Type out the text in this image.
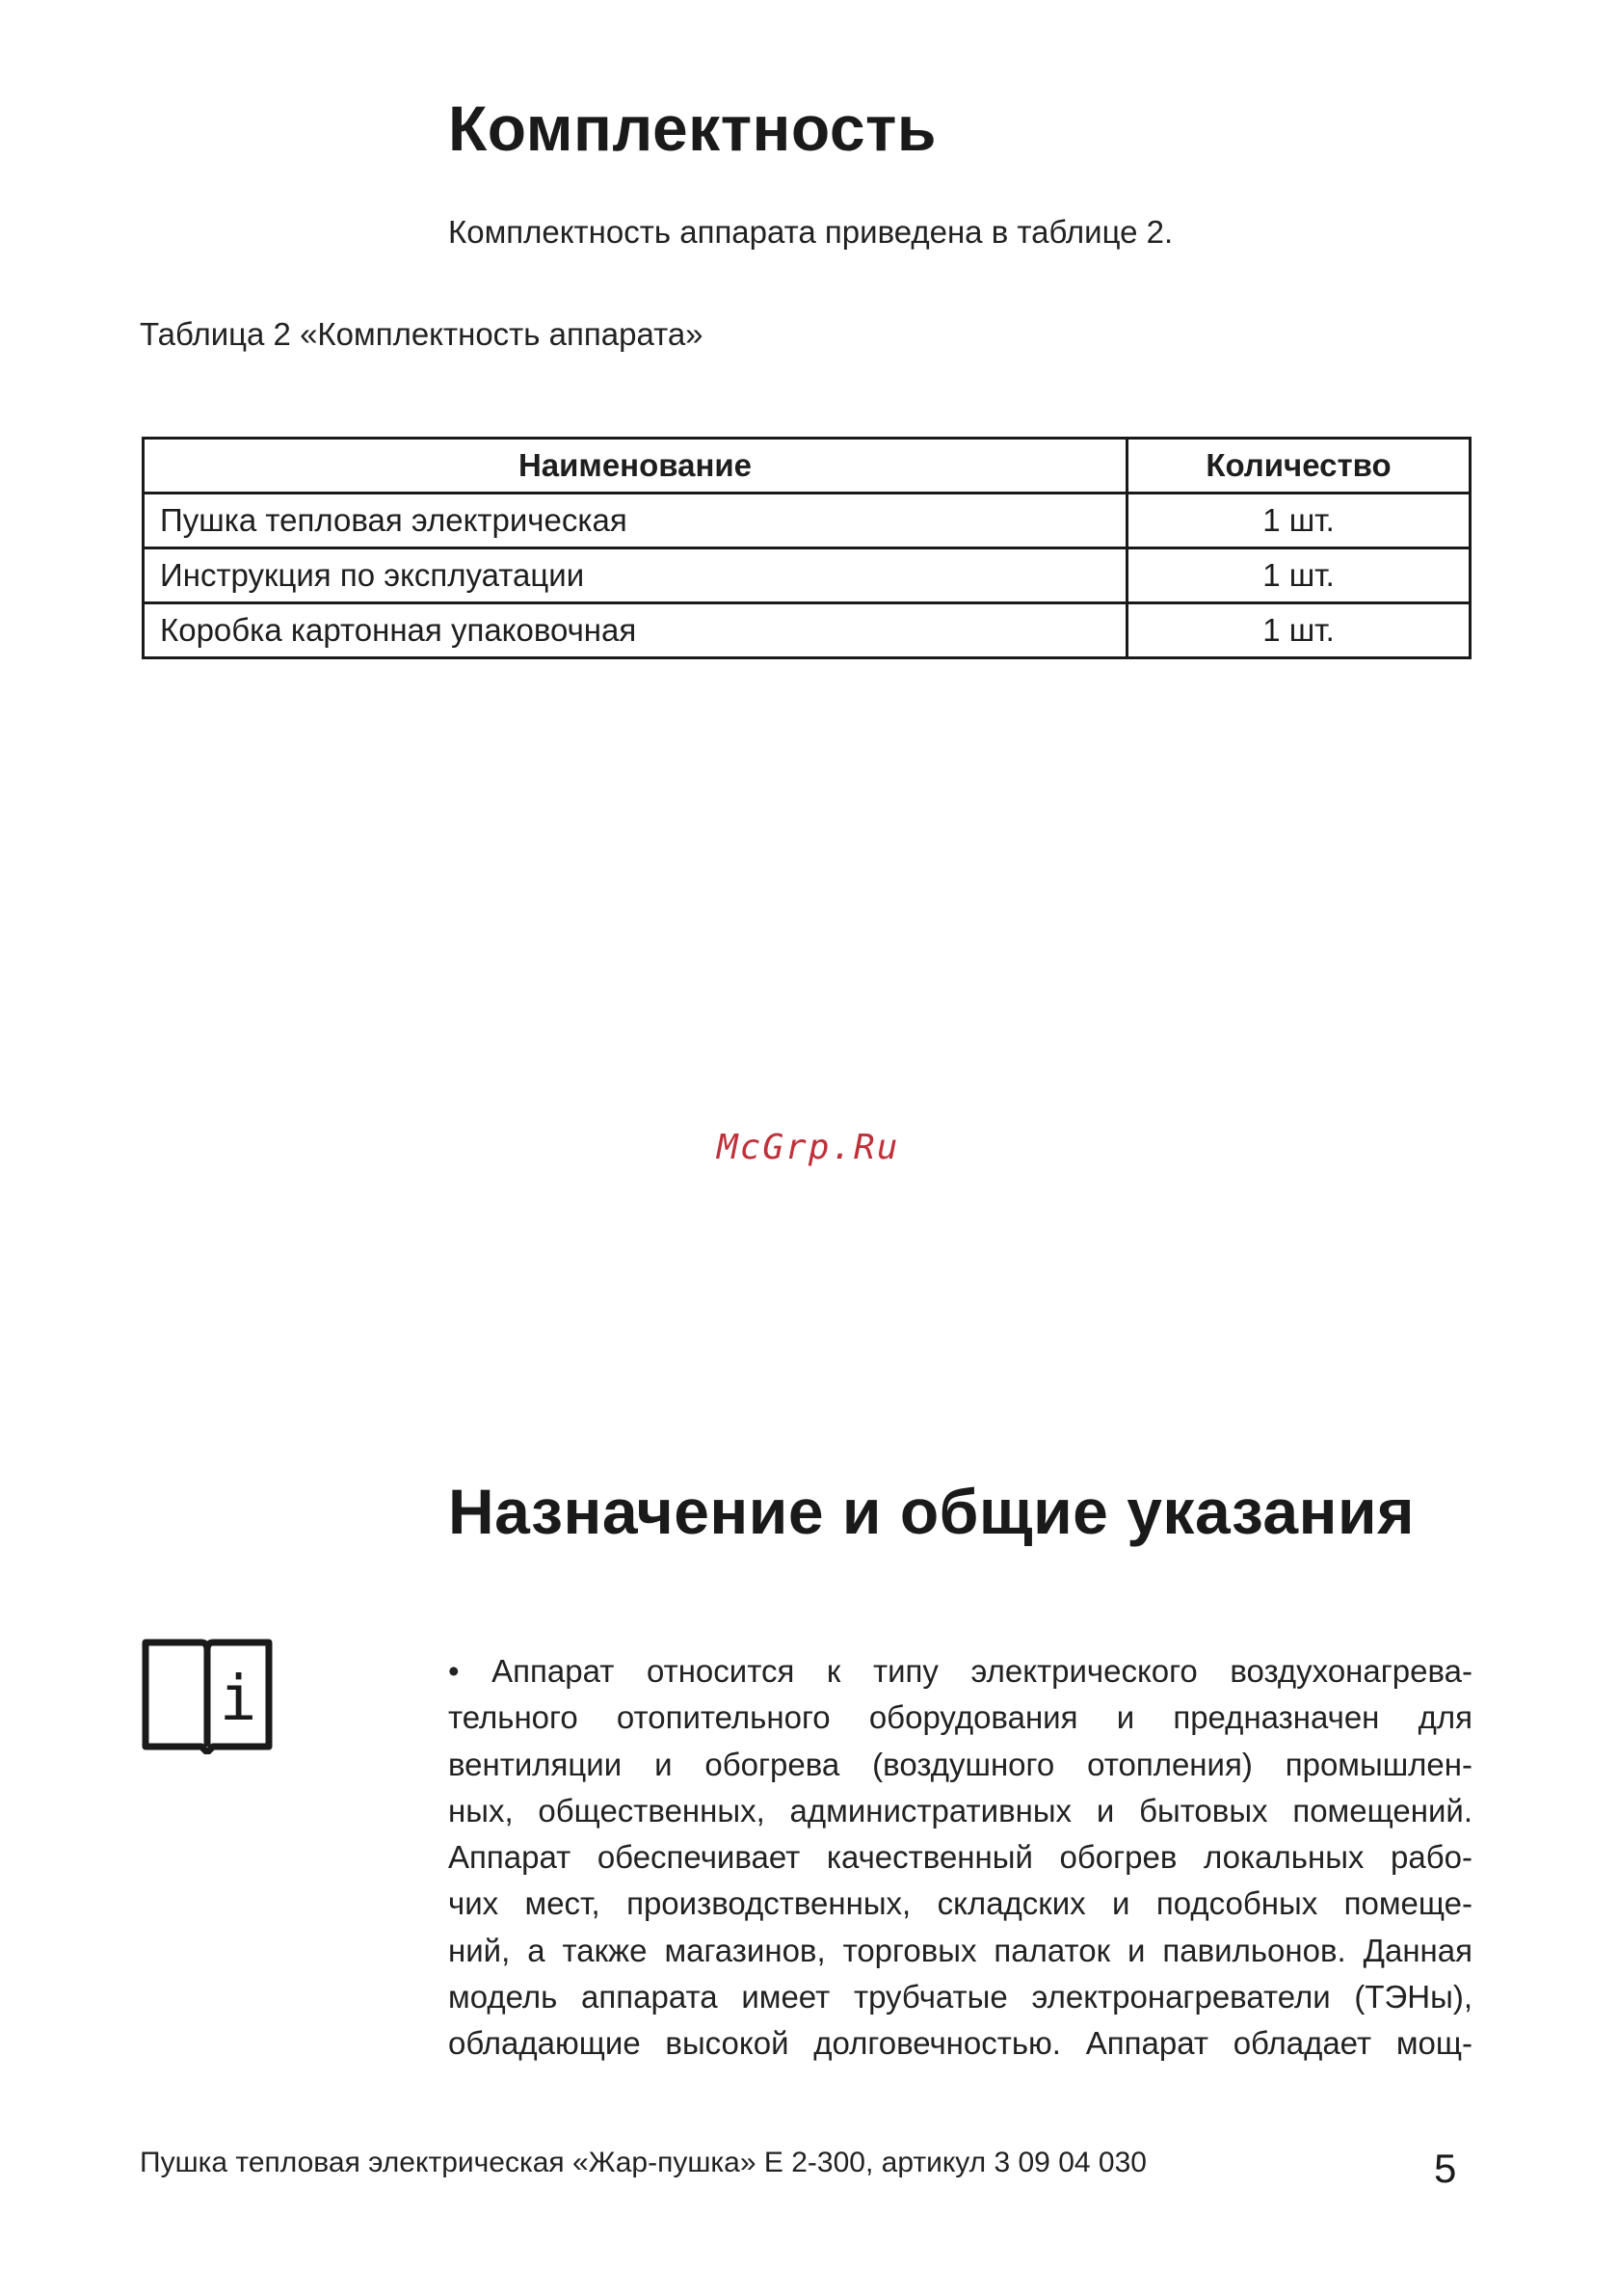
Комплектность
Комплектность аппарата приведена в таблице 2.
Таблица 2 «Комплектность аппарата»
Наименование	Количество
Пушка тепловая электрическая	1 шт.
Инструкция по эксплуатации	1 шт.
Коробка картонная упаковочная	1 шт.
McGrp.Ru
Назначение и общие указания
i	• Аппарат относится к типу электрического воздухонагрева-
тельного отопительного оборудования и предназначен для
вентиляции и обогрева (воздушного отопления) промышлен-
ных, общественных, административных и бытовых помещений.
Аппарат обеспечивает качественный обогрев локальных рабо-
чих мест, производственных, складских и подсобных помеще-
ний, а также магазинов, торговых палаток и павильонов. Данная
модель аппарата имеет трубчатые электронагреватели (ТЭНы),
обладающие высокой долговечностью. Аппарат обладает мощ-
Пушка тепловая электрическая «Жар-пушка» Е 2-300, артикул 3 09 04 030	5
